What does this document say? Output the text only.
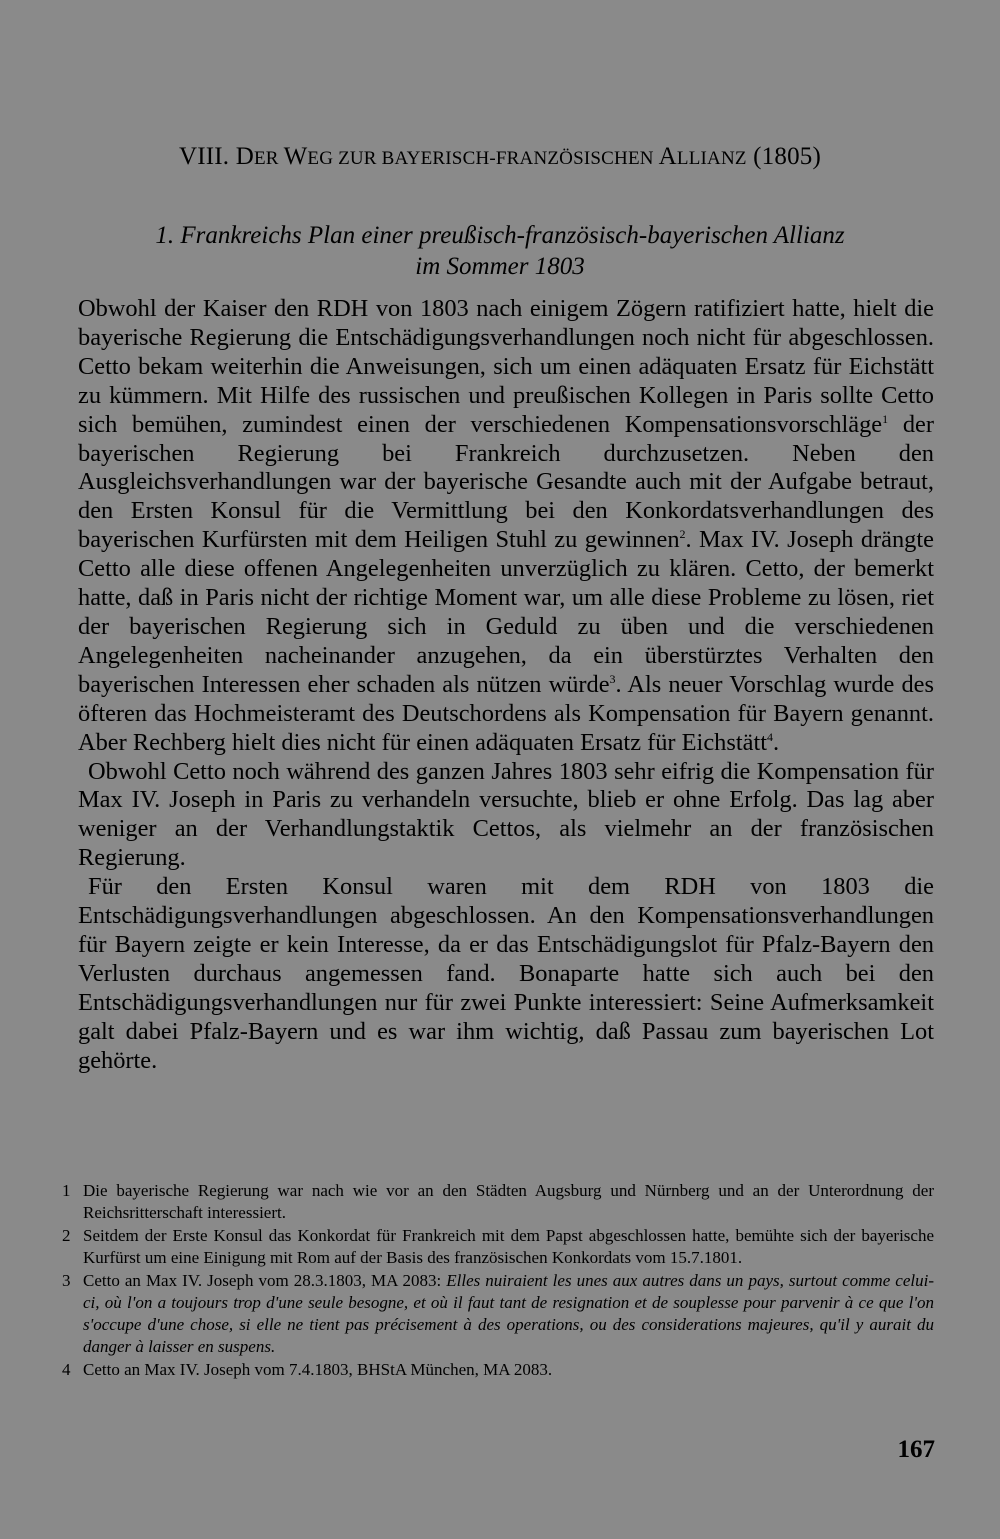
VIII. DER WEG ZUR BAYERISCH-FRANZÖSISCHEN ALLIANZ (1805)
1. Frankreichs Plan einer preußisch-französisch-bayerischen Allianz
im Sommer 1803

Obwohl der Kaiser den RDH von 1803 nach einigem Zögern ratifiziert hatte, hielt die bayerische Regierung die Entschädigungsverhandlungen noch nicht für abgeschlossen. Cetto bekam weiterhin die Anweisungen, sich um einen adäquaten Ersatz für Eichstätt zu kümmern. Mit Hilfe des russischen und preußischen Kollegen in Paris sollte Cetto sich bemühen, zumindest einen der verschiedenen Kompensationsvorschläge$^1$ der bayerischen Regierung bei Frankreich durchzusetzen. Neben den Ausgleichsverhandlungen war der bayerische Gesandte auch mit der Aufgabe betraut, den Ersten Konsul für die Vermittlung bei den Konkordatsverhandlungen des bayerischen Kurfürsten mit dem Heiligen Stuhl zu gewinnen$^2$. Max IV. Joseph drängte Cetto alle diese offenen Angelegenheiten unverzüglich zu klären. Cetto, der bemerkt hatte, daß in Paris nicht der richtige Moment war, um alle diese Probleme zu lösen, riet der bayerischen Regierung sich in Geduld zu üben und die verschiedenen Angelegenheiten nacheinander anzugehen, da ein überstürztes Verhalten den bayerischen Interessen eher schaden als nützen würde$^3$. Als neuer Vorschlag wurde des öfteren das Hochmeisteramt des Deutschordens als Kompensation für Bayern genannt. Aber Rechberg hielt dies nicht für einen adäquaten Ersatz für Eichstätt$^4$.

Obwohl Cetto noch während des ganzen Jahres 1803 sehr eifrig die Kompensation für Max IV. Joseph in Paris zu verhandeln versuchte, blieb er ohne Erfolg. Das lag aber weniger an der Verhandlungstaktik Cettos, als vielmehr an der französischen Regierung.

Für den Ersten Konsul waren mit dem RDH von 1803 die Entschädigungsverhandlungen abgeschlossen. An den Kompensationsverhandlungen für Bayern zeigte er kein Interesse, da er das Entschädigungslot für Pfalz-Bayern den Verlusten durchaus angemessen fand. Bonaparte hatte sich auch bei den Entschädigungsverhandlungen nur für zwei Punkte interessiert: Seine Aufmerksamkeit galt dabei Pfalz-Bayern und es war ihm wichtig, daß Passau zum bayerischen Lot gehörte.

1 Die bayerische Regierung war nach wie vor an den Städten Augsburg und Nürnberg und an der Unterordnung der Reichsritterschaft interessiert.
2 Seitdem der Erste Konsul das Konkordat für Frankreich mit dem Papst abgeschlossen hatte, bemühte sich der bayerische Kurfürst um eine Einigung mit Rom auf der Basis des französischen Konkordats vom 15.7.1801.
3 Cetto an Max IV. Joseph vom 28.3.1803, MA 2083: Elles nuiraient les unes aux autres dans un pays, surtout comme celui-ci, où l'on a toujours trop d'une seule besogne, et où il faut tant de resignation et de souplesse pour parvenir à ce que l'on s'occupe d'une chose, si elle ne tient pas précisement à des operations, ou des considerations majeures, qu'il y aurait du danger à laisser en suspens.
4 Cetto an Max IV. Joseph vom 7.4.1803, BHStA München, MA 2083.
167
